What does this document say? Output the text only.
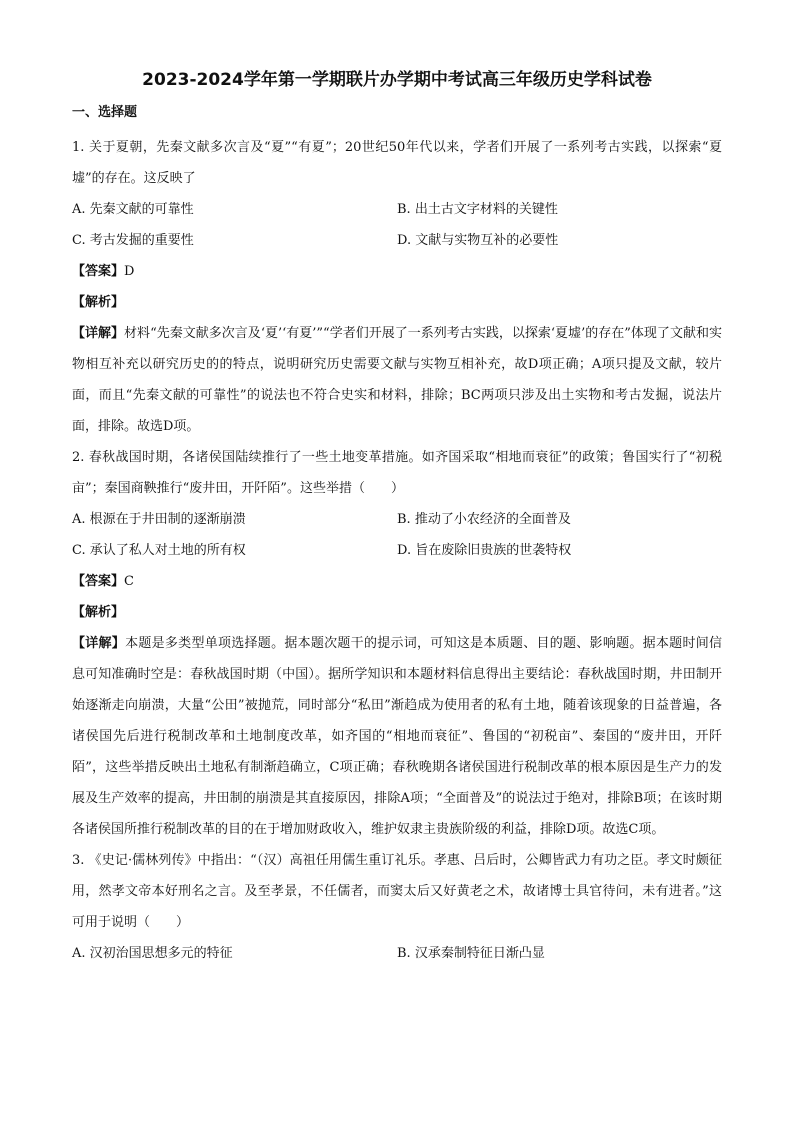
2023-2024学年第一学期联片办学期中考试高三年级历史学科试卷
一、选择题

1. 关于夏朝，先秦文献多次言及“夏”“有夏”；20世纪50年代以来，学者们开展了一系列考古实践，以探索“夏墟”的存在。这反映了

A. 先秦文献的可靠性	B. 出土古文字材料的关键性
C. 考古发掘的重要性	D. 文献与实物互补的必要性

【答案】D

【解析】

【详解】材料“先秦文献多次言及‘夏’‘有夏’”“学者们开展了一系列考古实践，以探索‘夏墟’的存在”体现了文献和实物相互补充以研究历史的的特点，说明研究历史需要文献与实物互相补充，故D项正确；A项只提及文献，较片面，而且“先秦文献的可靠性”的说法也不符合史实和材料，排除；BC两项只涉及出土实物和考古发掘，说法片面，排除。故选D项。

2. 春秋战国时期，各诸侯国陆续推行了一些土地变革措施。如齐国采取“相地而衰征”的政策；鲁国实行了“初税亩”；秦国商鞅推行“废井田，开阡陌”。这些举措（　　）

A. 根源在于井田制的逐渐崩溃	B. 推动了小农经济的全面普及
C. 承认了私人对土地的所有权	D. 旨在废除旧贵族的世袭特权

【答案】C

【解析】

【详解】本题是多类型单项选择题。据本题次题干的提示词，可知这是本质题、目的题、影响题。据本题时间信息可知准确时空是：春秋战国时期（中国）。据所学知识和本题材料信息得出主要结论：春秋战国时期，井田制开始逐渐走向崩溃，大量“公田”被抛荒，同时部分“私田”渐趋成为使用者的私有土地，随着该现象的日益普遍，各诸侯国先后进行税制改革和土地制度改革，如齐国的“相地而衰征”、鲁国的“初税亩”、秦国的“废井田，开阡陌”，这些举措反映出土地私有制渐趋确立，C项正确；春秋晚期各诸侯国进行税制改革的根本原因是生产力的发展及生产效率的提高，井田制的崩溃是其直接原因，排除A项；“全面普及”的说法过于绝对，排除B项；在该时期各诸侯国所推行税制改革的目的在于增加财政收入，维护奴隶主贵族阶级的利益，排除D项。故选C项。

3. 《史记·儒林列传》中指出：“（汉）高祖任用儒生重订礼乐。孝惠、吕后时，公卿皆武力有功之臣。孝文时颇征用，然孝文帝本好刑名之言。及至孝景，不任儒者，而窦太后又好黄老之术，故诸博士具官待问，未有进者。”这可用于说明（　　）

A. 汉初治国思想多元的特征	B. 汉承秦制特征日渐凸显
